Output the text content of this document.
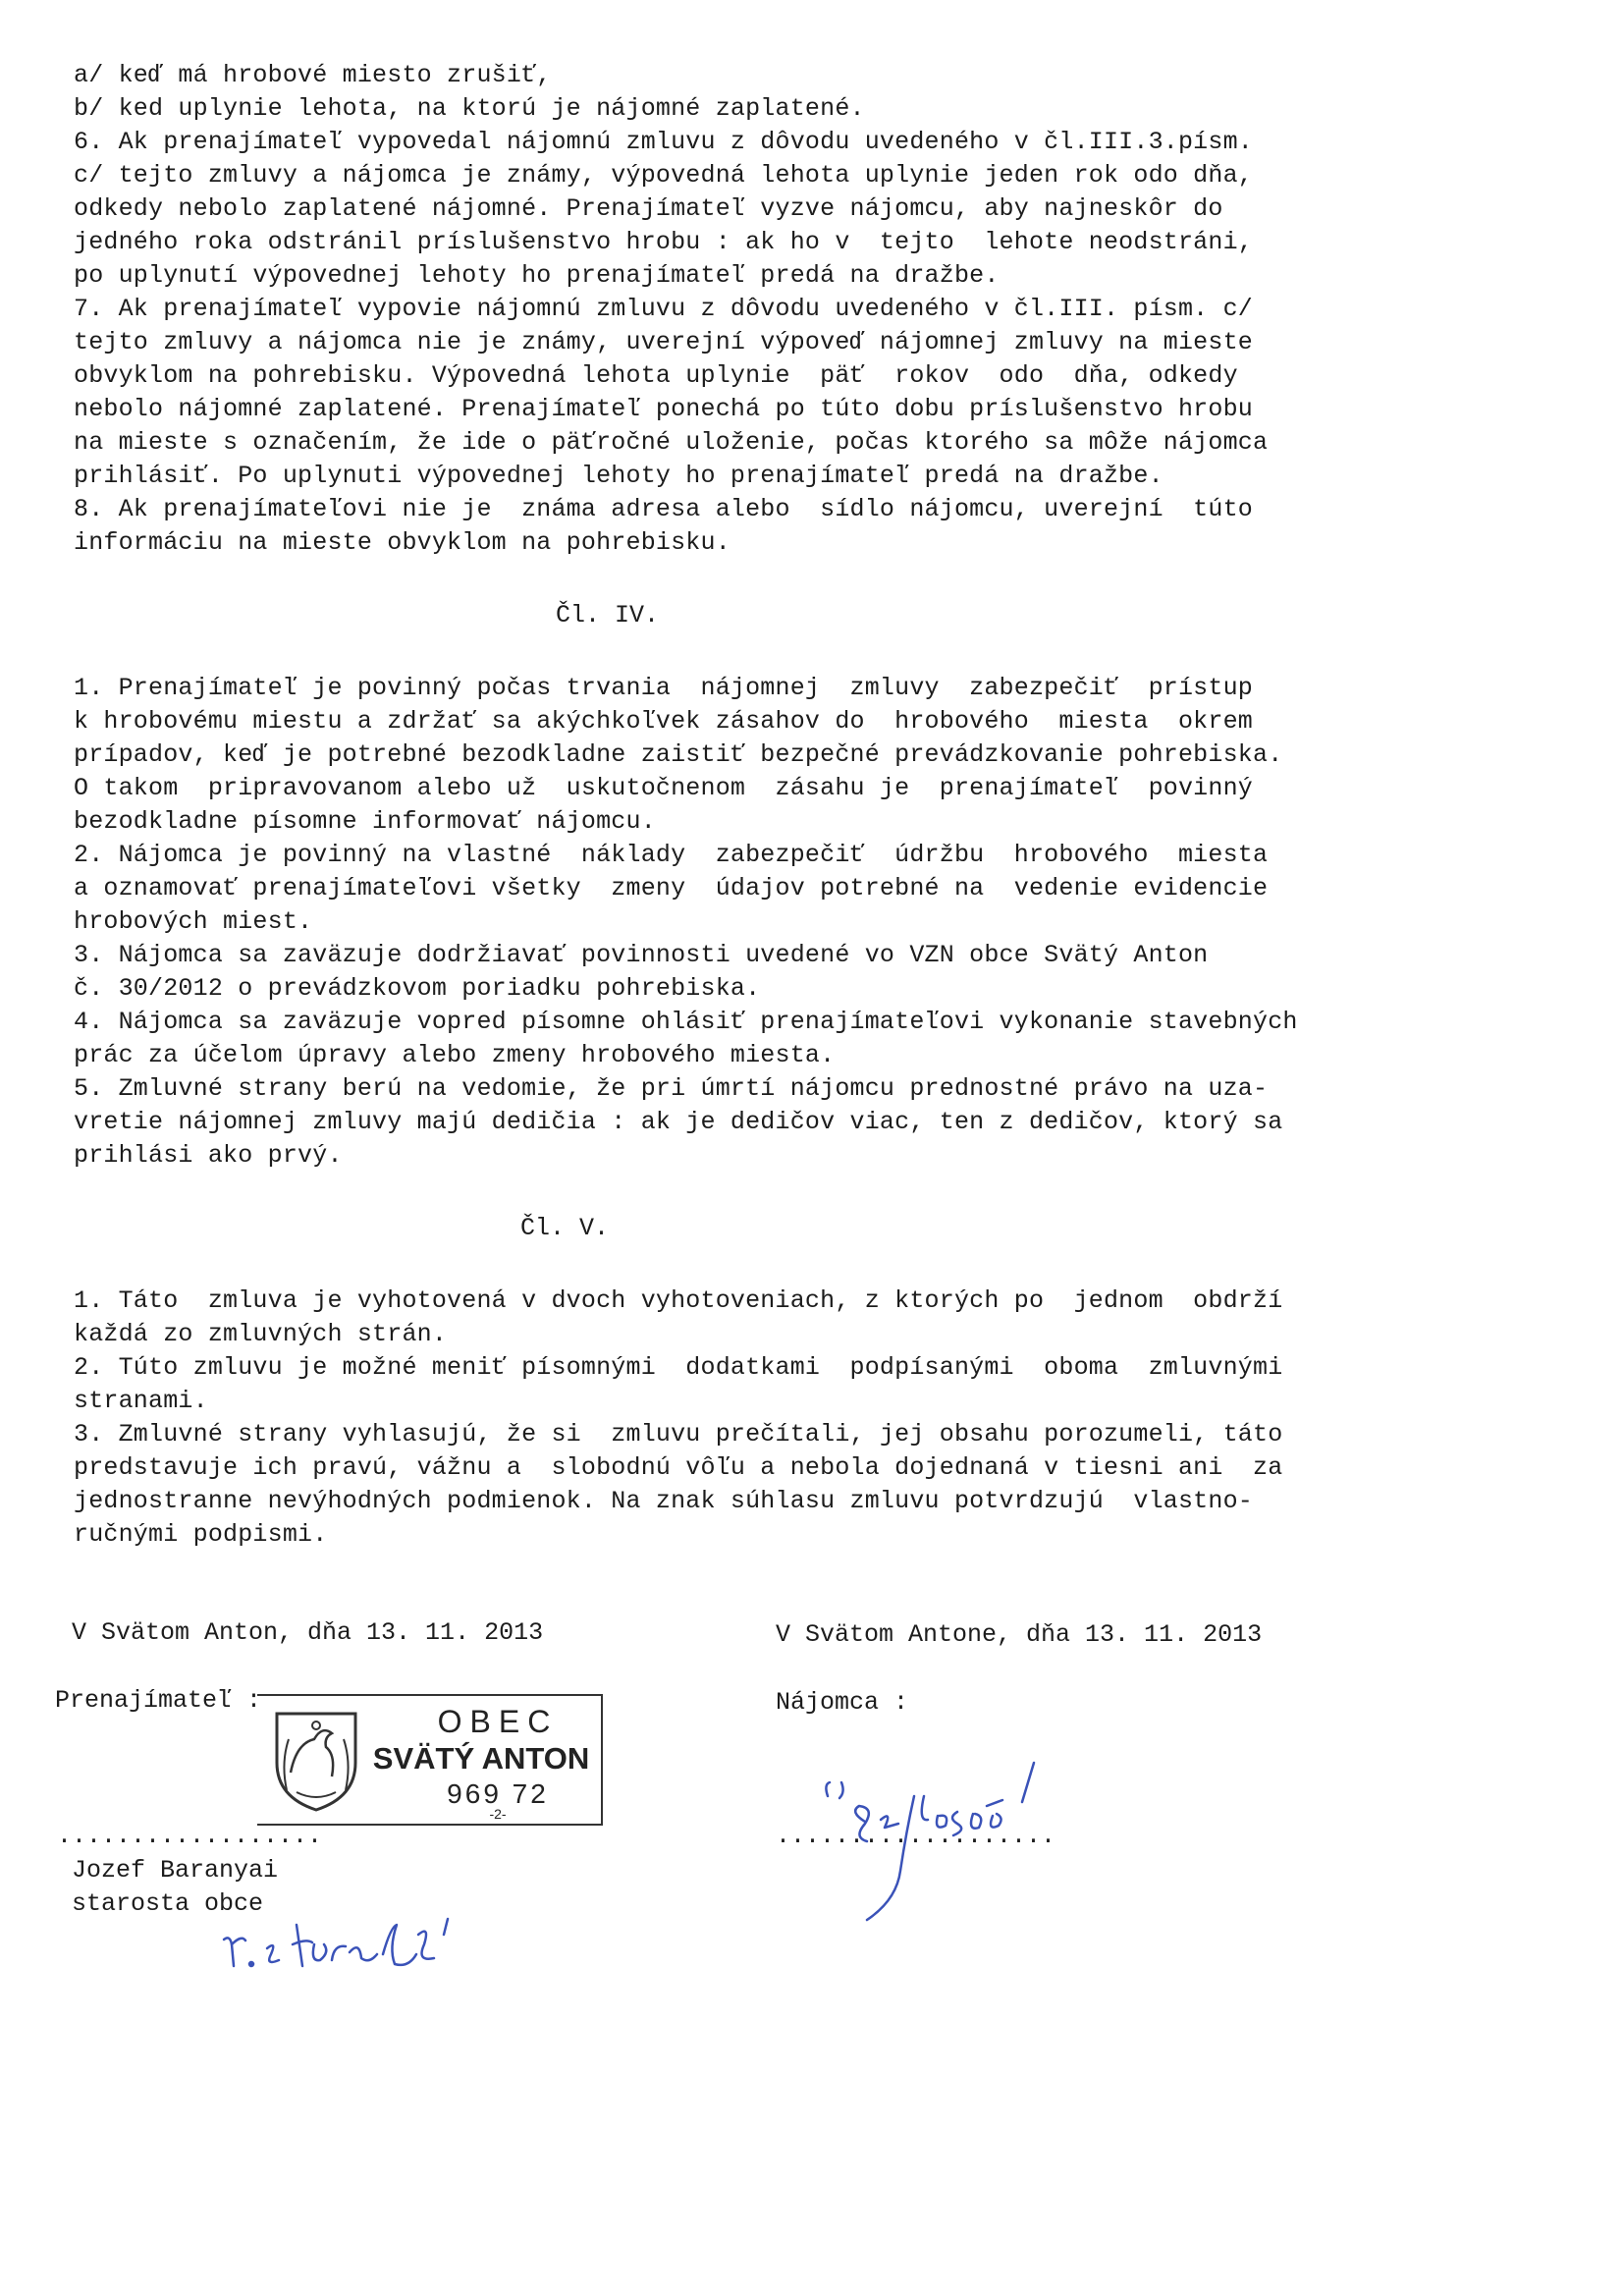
a/ keď má hrobové miesto zrušiť,
b/ ked uplynie lehota, na ktorú je nájomné zaplatené.
6. Ak prenajímateľ vypovedal nájomnú zmluvu z dôvodu uvedeného v čl.III.3.písm.
c/ tejto zmluvy a nájomca je známy, výpovedná lehota uplynie jeden rok odo dňa,
odkedy nebolo zaplatené nájomné. Prenajímateľ vyzve nájomcu, aby najneskôr do
jedného roka odstránil príslušenstvo hrobu : ak ho v  tejto  lehote neodstráni,
po uplynutí výpovednej lehoty ho prenajímateľ predá na dražbe.
7. Ak prenajímateľ vypovie nájomnú zmluvu z dôvodu uvedeného v čl.III. písm. c/
tejto zmluvy a nájomca nie je známy, uverejní výpoveď nájomnej zmluvy na mieste
obvyklom na pohrebisku. Výpovedná lehota uplynie  päť  rokov  odo  dňa, odkedy
nebolo nájomné zaplatené. Prenajímateľ ponechá po túto dobu príslušenstvo hrobu
na mieste s označením, že ide o päťročné uloženie, počas ktorého sa môže nájomca
prihlásiť. Po uplynuti výpovednej lehoty ho prenajímateľ predá na dražbe.
8. Ak prenajímateľovi nie je  známa adresa alebo  sídlo nájomcu, uverejní  túto
informáciu na mieste obvyklom na pohrebisku.
Čl. IV.
1. Prenajímateľ je povinný počas trvania  nájomnej  zmluvy  zabezpečiť  prístup
k hrobovému miestu a zdržať sa akýchkoľvek zásahov do  hrobového  miesta  okrem
prípadov, keď je potrebné bezodkladne zaistiť bezpečné prevádzkovanie pohrebiska.
O takom  pripravovanom alebo už  uskutočnenom  zásahu je  prenajímateľ  povinný
bezodkladne písomne informovať nájomcu.
2. Nájomca je povinný na vlastné  náklady  zabezpečiť  údržbu  hrobového  miesta
a oznamovať prenajímateľovi všetky  zmeny  údajov potrebné na  vedenie evidencie
hrobových miest.
3. Nájomca sa zaväzuje dodržiavať povinnosti uvedené vo VZN obce Svätý Anton
č. 30/2012 o prevádzkovom poriadku pohrebiska.
4. Nájomca sa zaväzuje vopred písomne ohlásiť prenajímateľovi vykonanie stavebných
prác za účelom úpravy alebo zmeny hrobového miesta.
5. Zmluvné strany berú na vedomie, že pri úmrtí nájomcu prednostné právo na uza-
vretie nájomnej zmluvy majú dedičia : ak je dedičov viac, ten z dedičov, ktorý sa
prihlási ako prvý.
Čl. V.
1. Táto  zmluva je vyhotovená v dvoch vyhotoveniach, z ktorých po  jednom  obdrží
každá zo zmluvných strán.
2. Túto zmluvu je možné meniť písomnými  dodatkami  podpísanými  oboma  zmluvnými
stranami.
3. Zmluvné strany vyhlasujú, že si  zmluvu prečítali, jej obsahu porozumeli, táto
predstavuje ich pravú, vážnu a  slobodnú vôľu a nebola dojednaná v tiesni ani  za
jednostranne nevýhodných podmienok. Na znak súhlasu zmluvu potvrdzujú  vlastno-
ručnými podpismi.
V Svätom Anton, dňa 13. 11. 2013	V Svätom Antone, dňa 13. 11. 2013
Prenajímateľ :	Nájomca :
..................	...................
Jozef Baranyai
starosta obce
OBEC
SVÄTÝ ANTON
969 72
-2-
